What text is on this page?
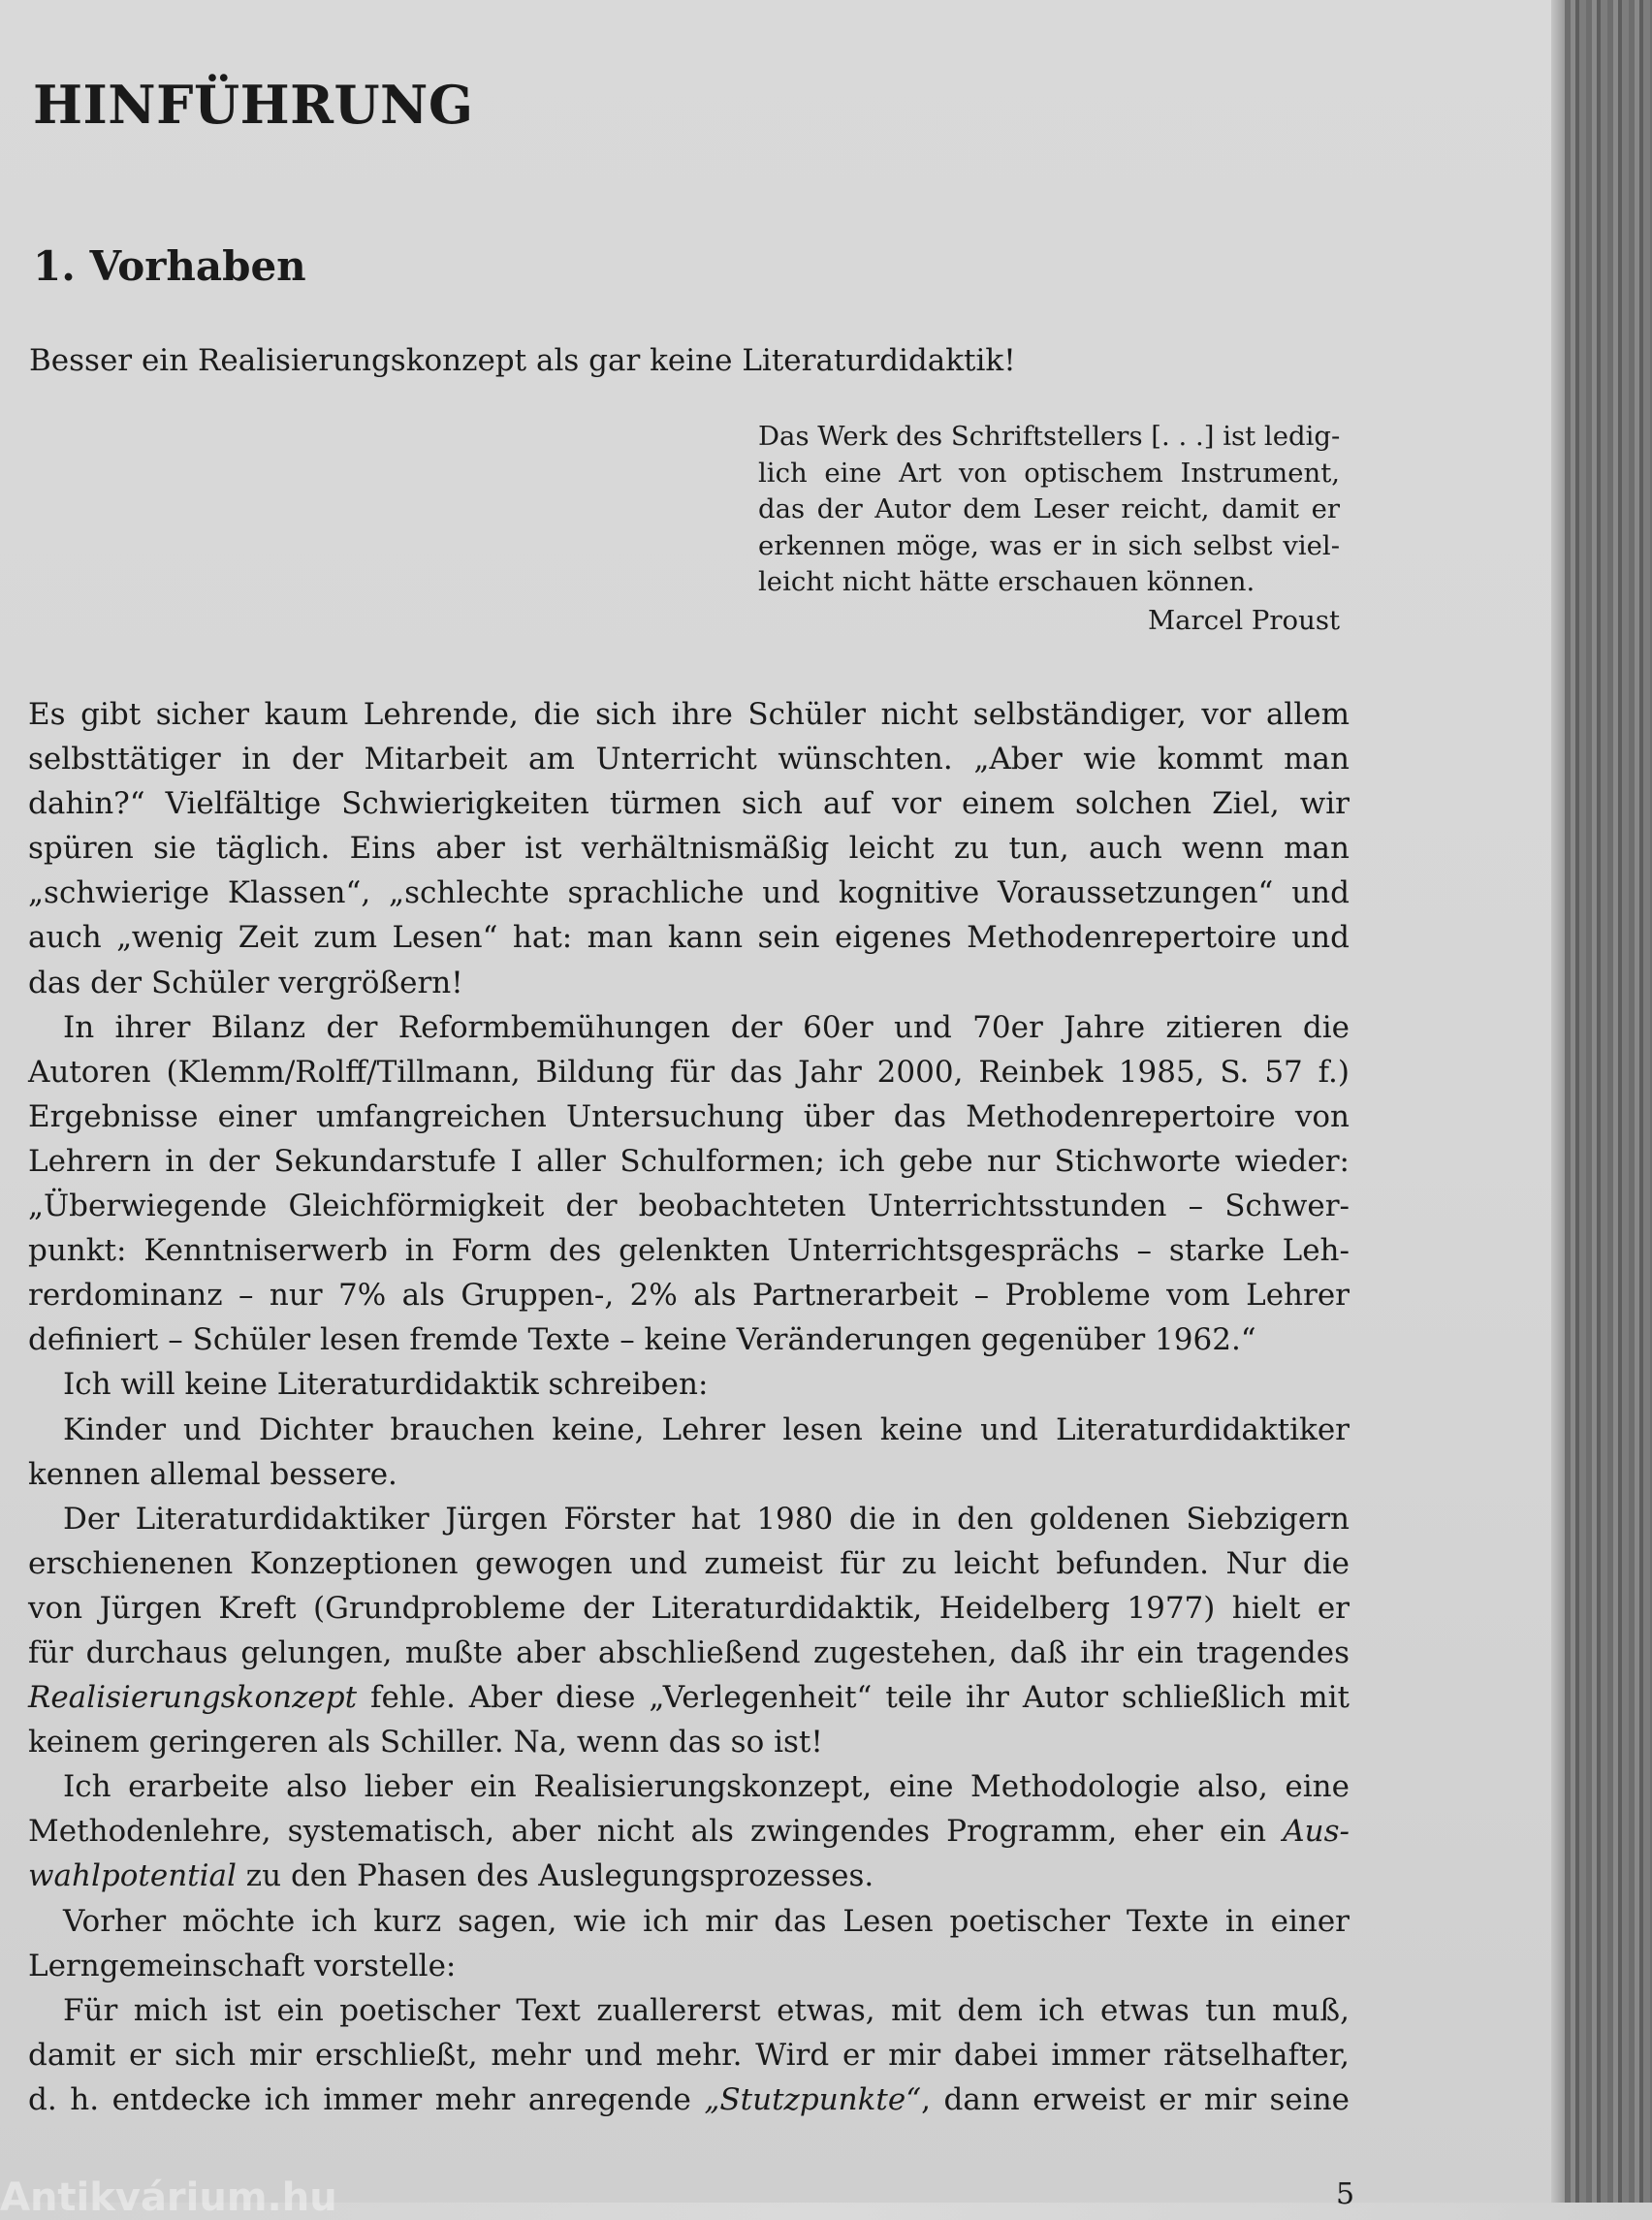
HINFÜHRUNG
1. Vorhaben
Besser ein Realisierungskonzept als gar keine Literaturdidaktik!
Das Werk des Schriftstellers [. . .] ist ledig-
lich eine Art von optischem Instrument,
das der Autor dem Leser reicht, damit er
erkennen möge, was er in sich selbst viel-
leicht nicht hätte erschauen können.
Marcel Proust
Es gibt sicher kaum Lehrende, die sich ihre Schüler nicht selbständiger, vor allem
selbsttätiger in der Mitarbeit am Unterricht wünschten. „Aber wie kommt man
dahin?“ Vielfältige Schwierigkeiten türmen sich auf vor einem solchen Ziel, wir
spüren sie täglich. Eins aber ist verhältnismäßig leicht zu tun, auch wenn man
„schwierige Klassen“, „schlechte sprachliche und kognitive Voraussetzungen“ und
auch „wenig Zeit zum Lesen“ hat: man kann sein eigenes Methodenrepertoire und
das der Schüler vergrößern!
In ihrer Bilanz der Reformbemühungen der 60er und 70er Jahre zitieren die
Autoren (Klemm/Rolff/Tillmann, Bildung für das Jahr 2000, Reinbek 1985, S. 57 f.)
Ergebnisse einer umfangreichen Untersuchung über das Methodenrepertoire von
Lehrern in der Sekundarstufe I aller Schulformen; ich gebe nur Stichworte wieder:
„Überwiegende Gleichförmigkeit der beobachteten Unterrichtsstunden – Schwer-
punkt: Kenntniserwerb in Form des gelenkten Unterrichtsgesprächs – starke Leh-
rerdominanz – nur 7% als Gruppen-, 2% als Partnerarbeit – Probleme vom Lehrer
definiert – Schüler lesen fremde Texte – keine Veränderungen gegenüber 1962.“
Ich will keine Literaturdidaktik schreiben:
Kinder und Dichter brauchen keine, Lehrer lesen keine und Literaturdidaktiker
kennen allemal bessere.
Der Literaturdidaktiker Jürgen Förster hat 1980 die in den goldenen Siebzigern
erschienenen Konzeptionen gewogen und zumeist für zu leicht befunden. Nur die
von Jürgen Kreft (Grundprobleme der Literaturdidaktik, Heidelberg 1977) hielt er
für durchaus gelungen, mußte aber abschließend zugestehen, daß ihr ein tragendes
Realisierungskonzept fehle. Aber diese „Verlegenheit“ teile ihr Autor schließlich mit
keinem geringeren als Schiller. Na, wenn das so ist!
Ich erarbeite also lieber ein Realisierungskonzept, eine Methodologie also, eine
Methodenlehre, systematisch, aber nicht als zwingendes Programm, eher ein Aus-
wahlpotential zu den Phasen des Auslegungsprozesses.
Vorher möchte ich kurz sagen, wie ich mir das Lesen poetischer Texte in einer
Lerngemeinschaft vorstelle:
Für mich ist ein poetischer Text zuallererst etwas, mit dem ich etwas tun muß,
damit er sich mir erschließt, mehr und mehr. Wird er mir dabei immer rätselhafter,
d. h. entdecke ich immer mehr anregende „Stutzpunkte“, dann erweist er mir seine
Antikvárium.hu	5
